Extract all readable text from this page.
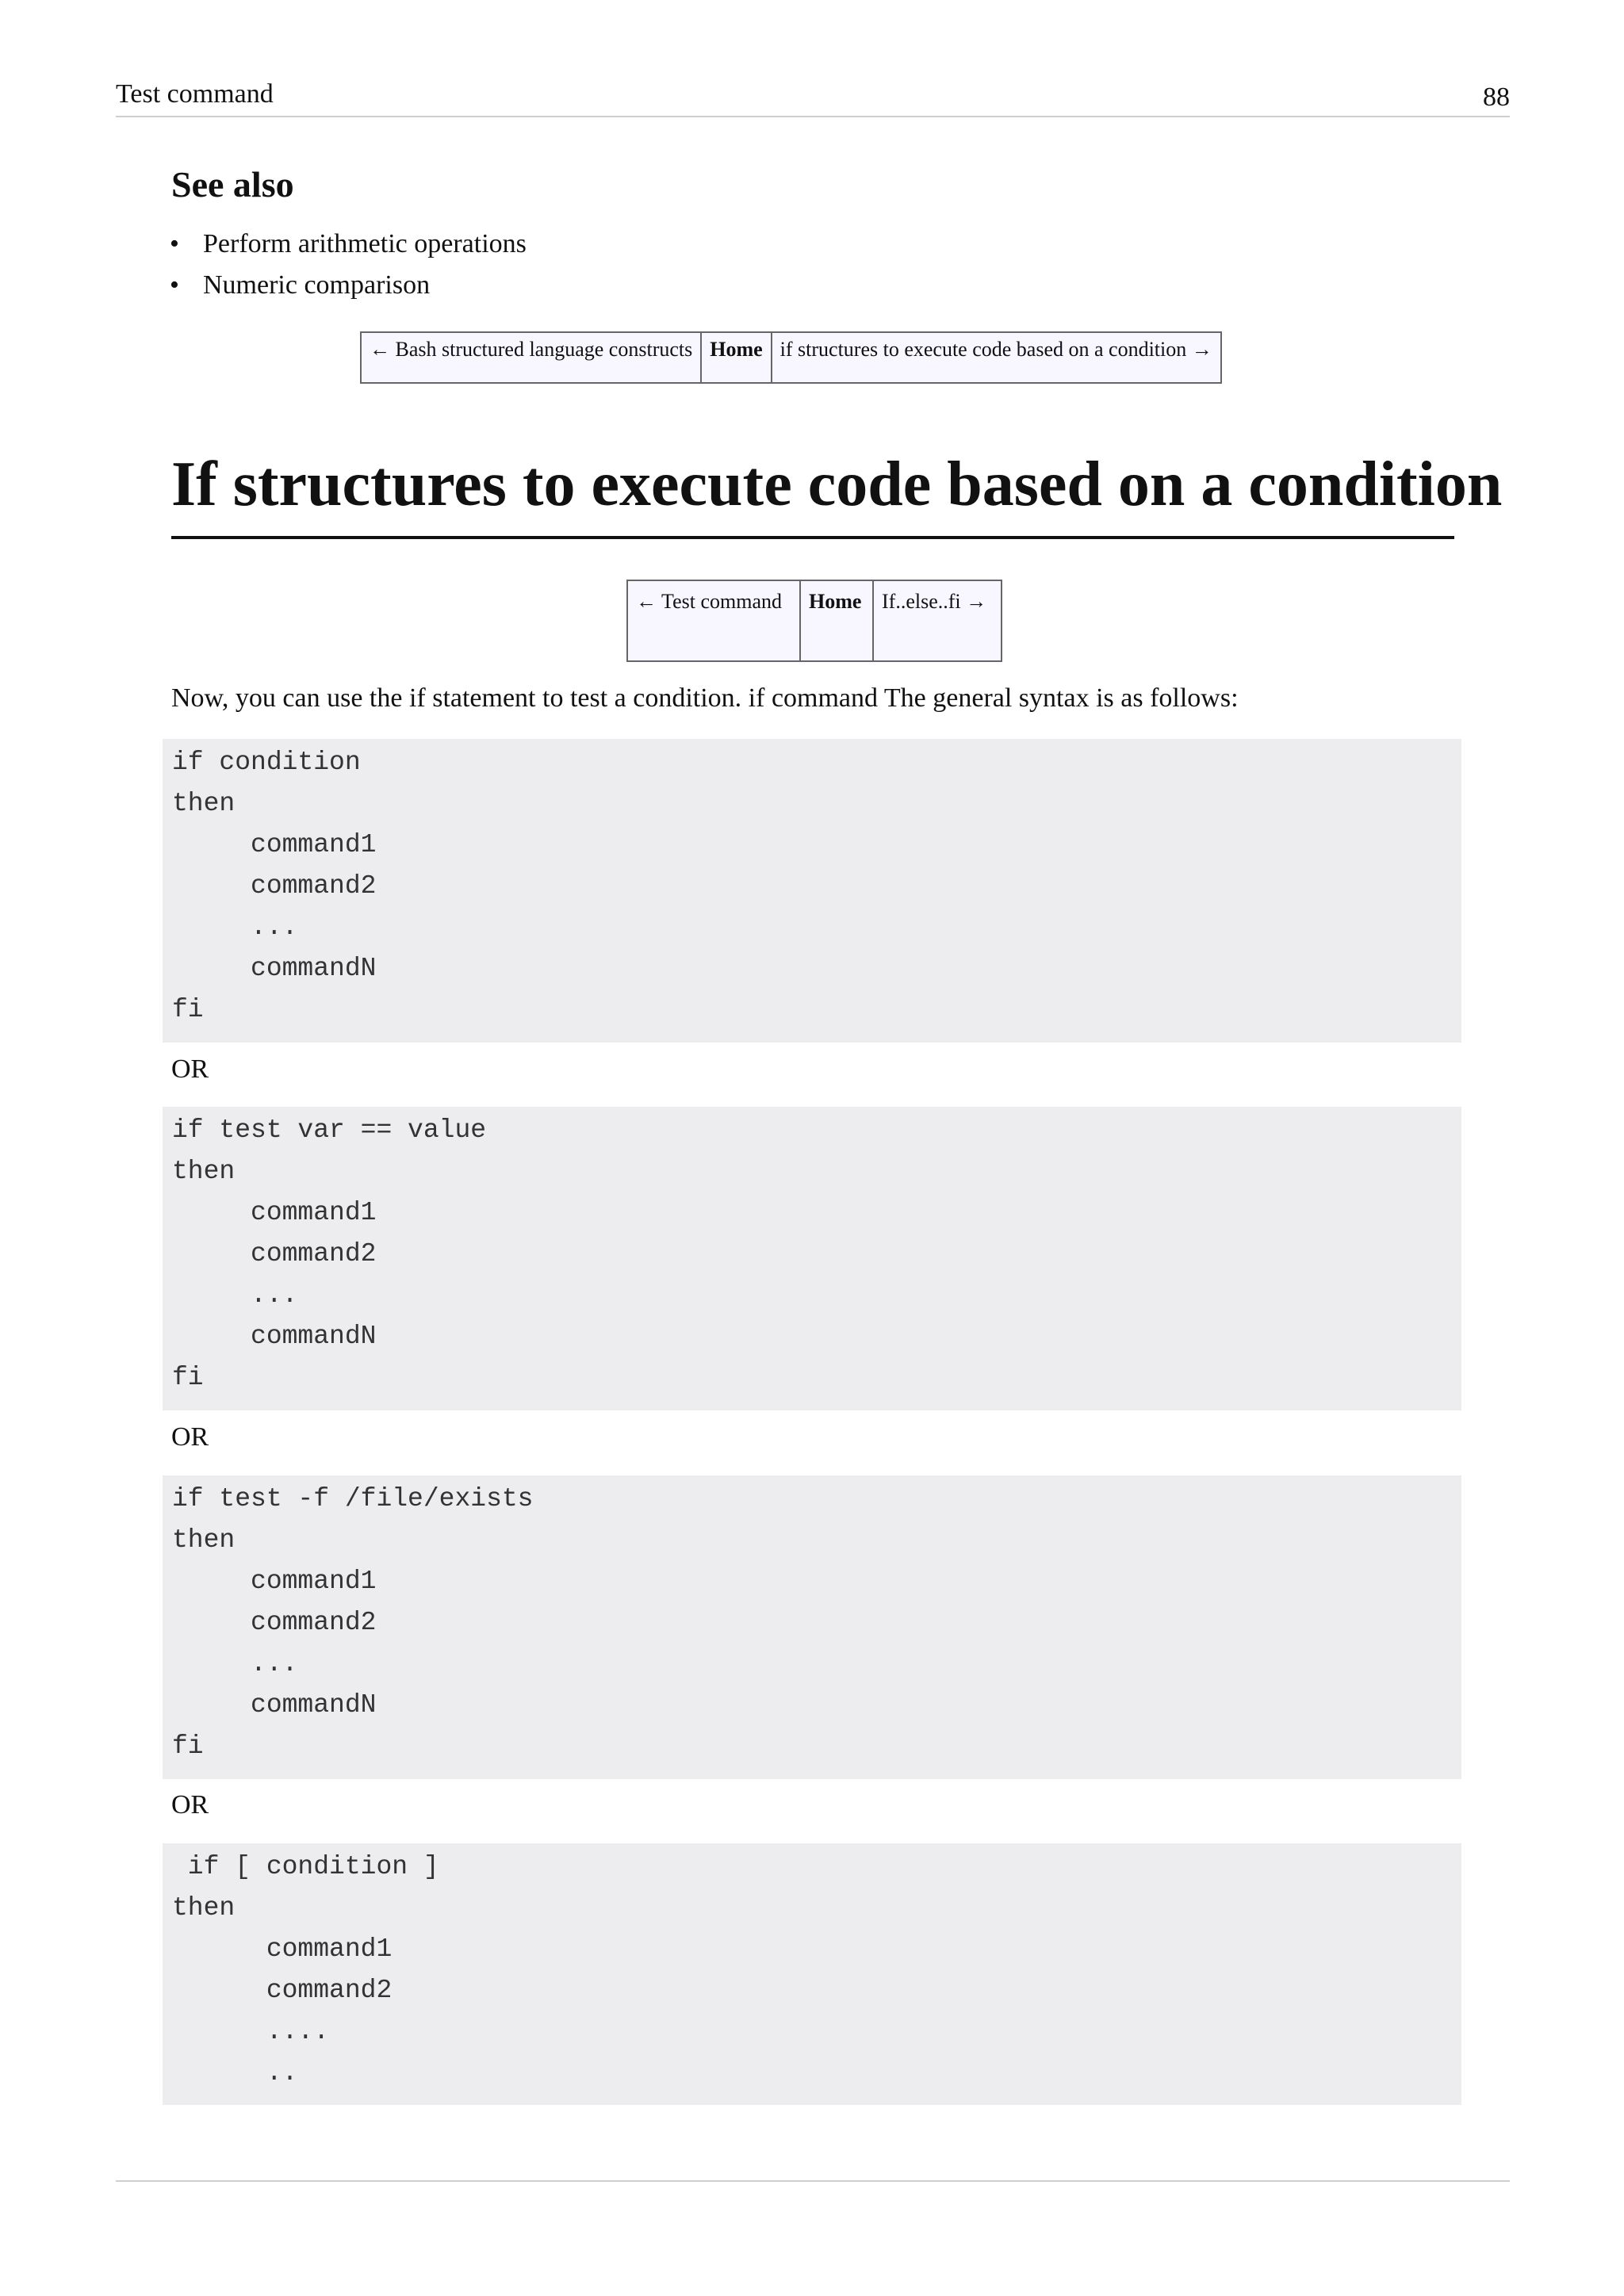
Test command	88
See also
• Perform arithmetic operations
• Numeric comparison
← Bash structured language constructs	Home	if structures to execute code based on a condition →
If structures to execute code based on a condition
← Test command	Home	If..else..fi →

Now, you can use the if statement to test a condition. if command The general syntax is as follows:

if condition
then
command1
command2
...
commandN
fi

OR

if test var == value
then
command1
command2
...
commandN
fi

OR

if test -f /file/exists
then
command1
command2
...
commandN
fi

OR

if [ condition ]
then
command1
command2
....
..
